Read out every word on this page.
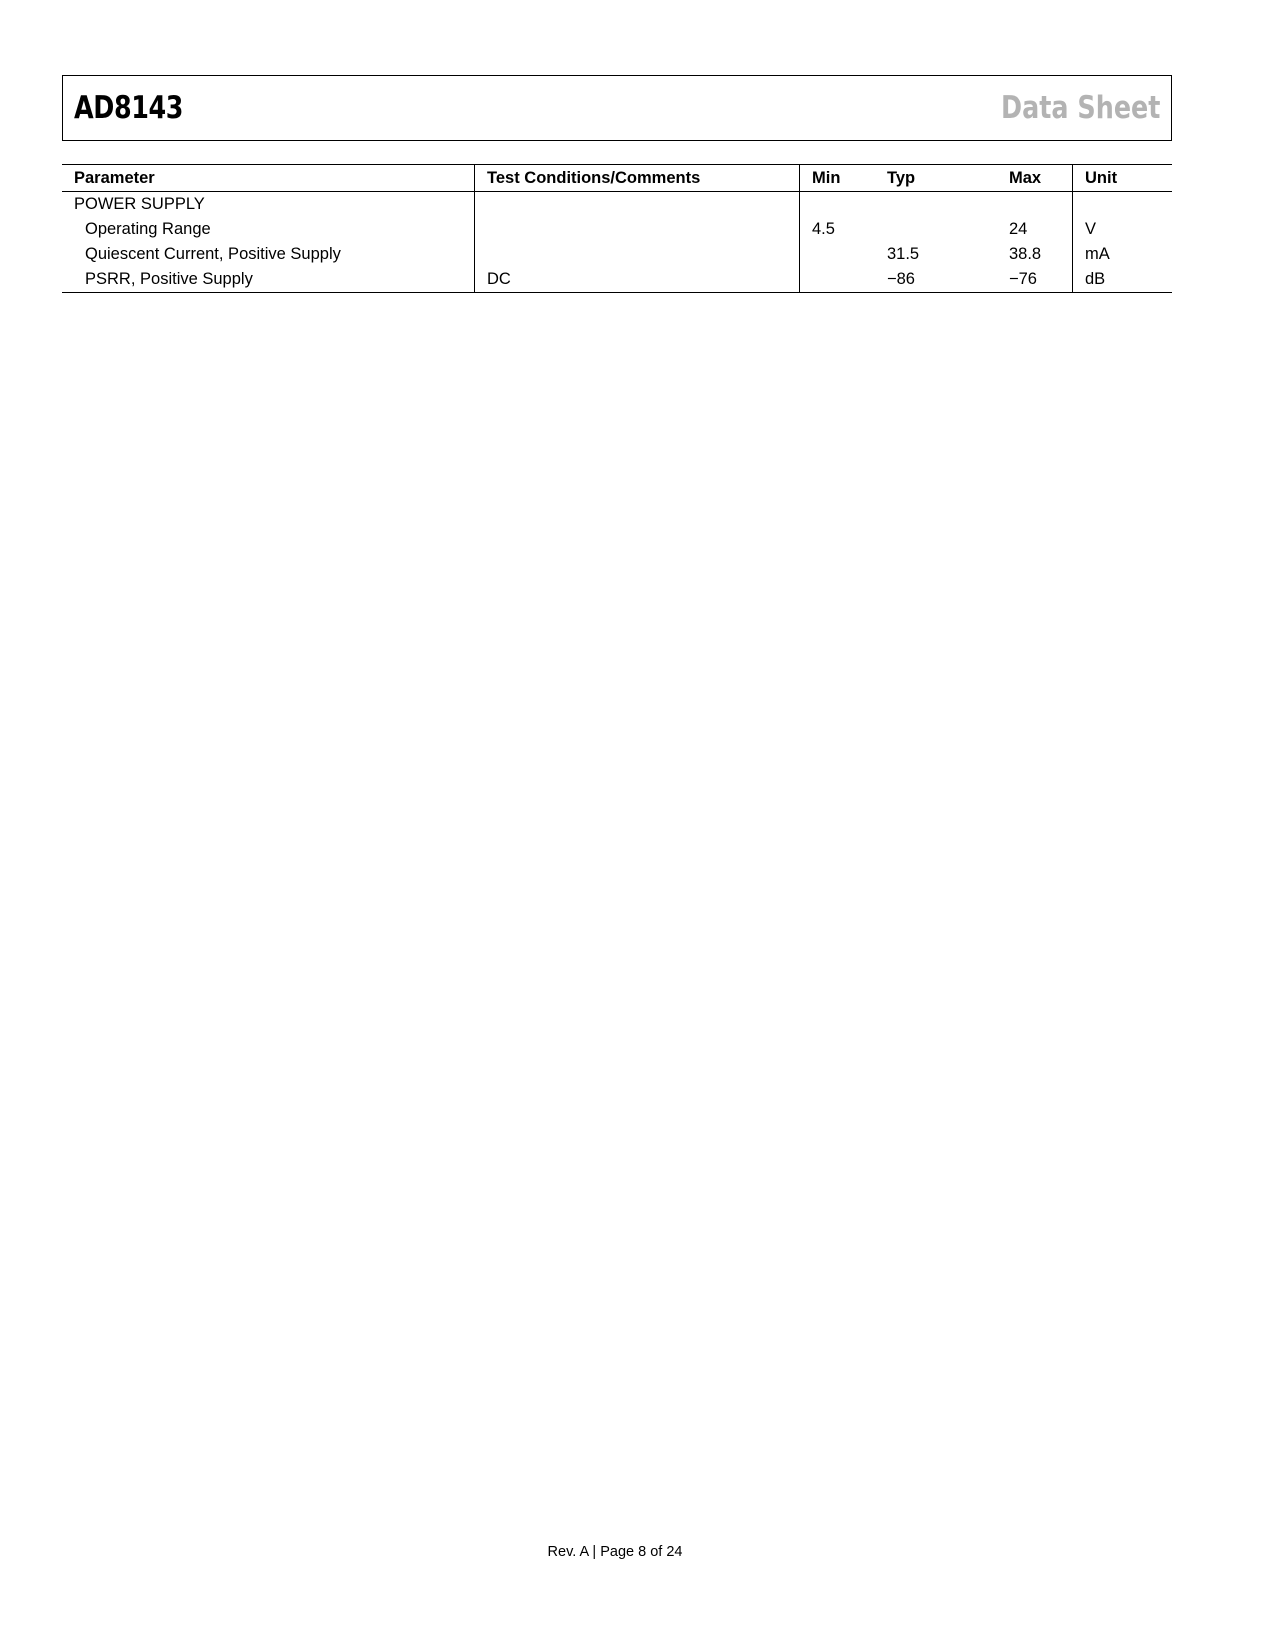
AD8143	Data Sheet
Parameter	Test Conditions/Comments	Min	Typ	Max	Unit
POWER SUPPLY					
Operating Range		4.5		24	V
Quiescent Current, Positive Supply			31.5	38.8	mA
PSRR, Positive Supply	DC		−86	−76	dB
Rev. A | Page 8 of 24
